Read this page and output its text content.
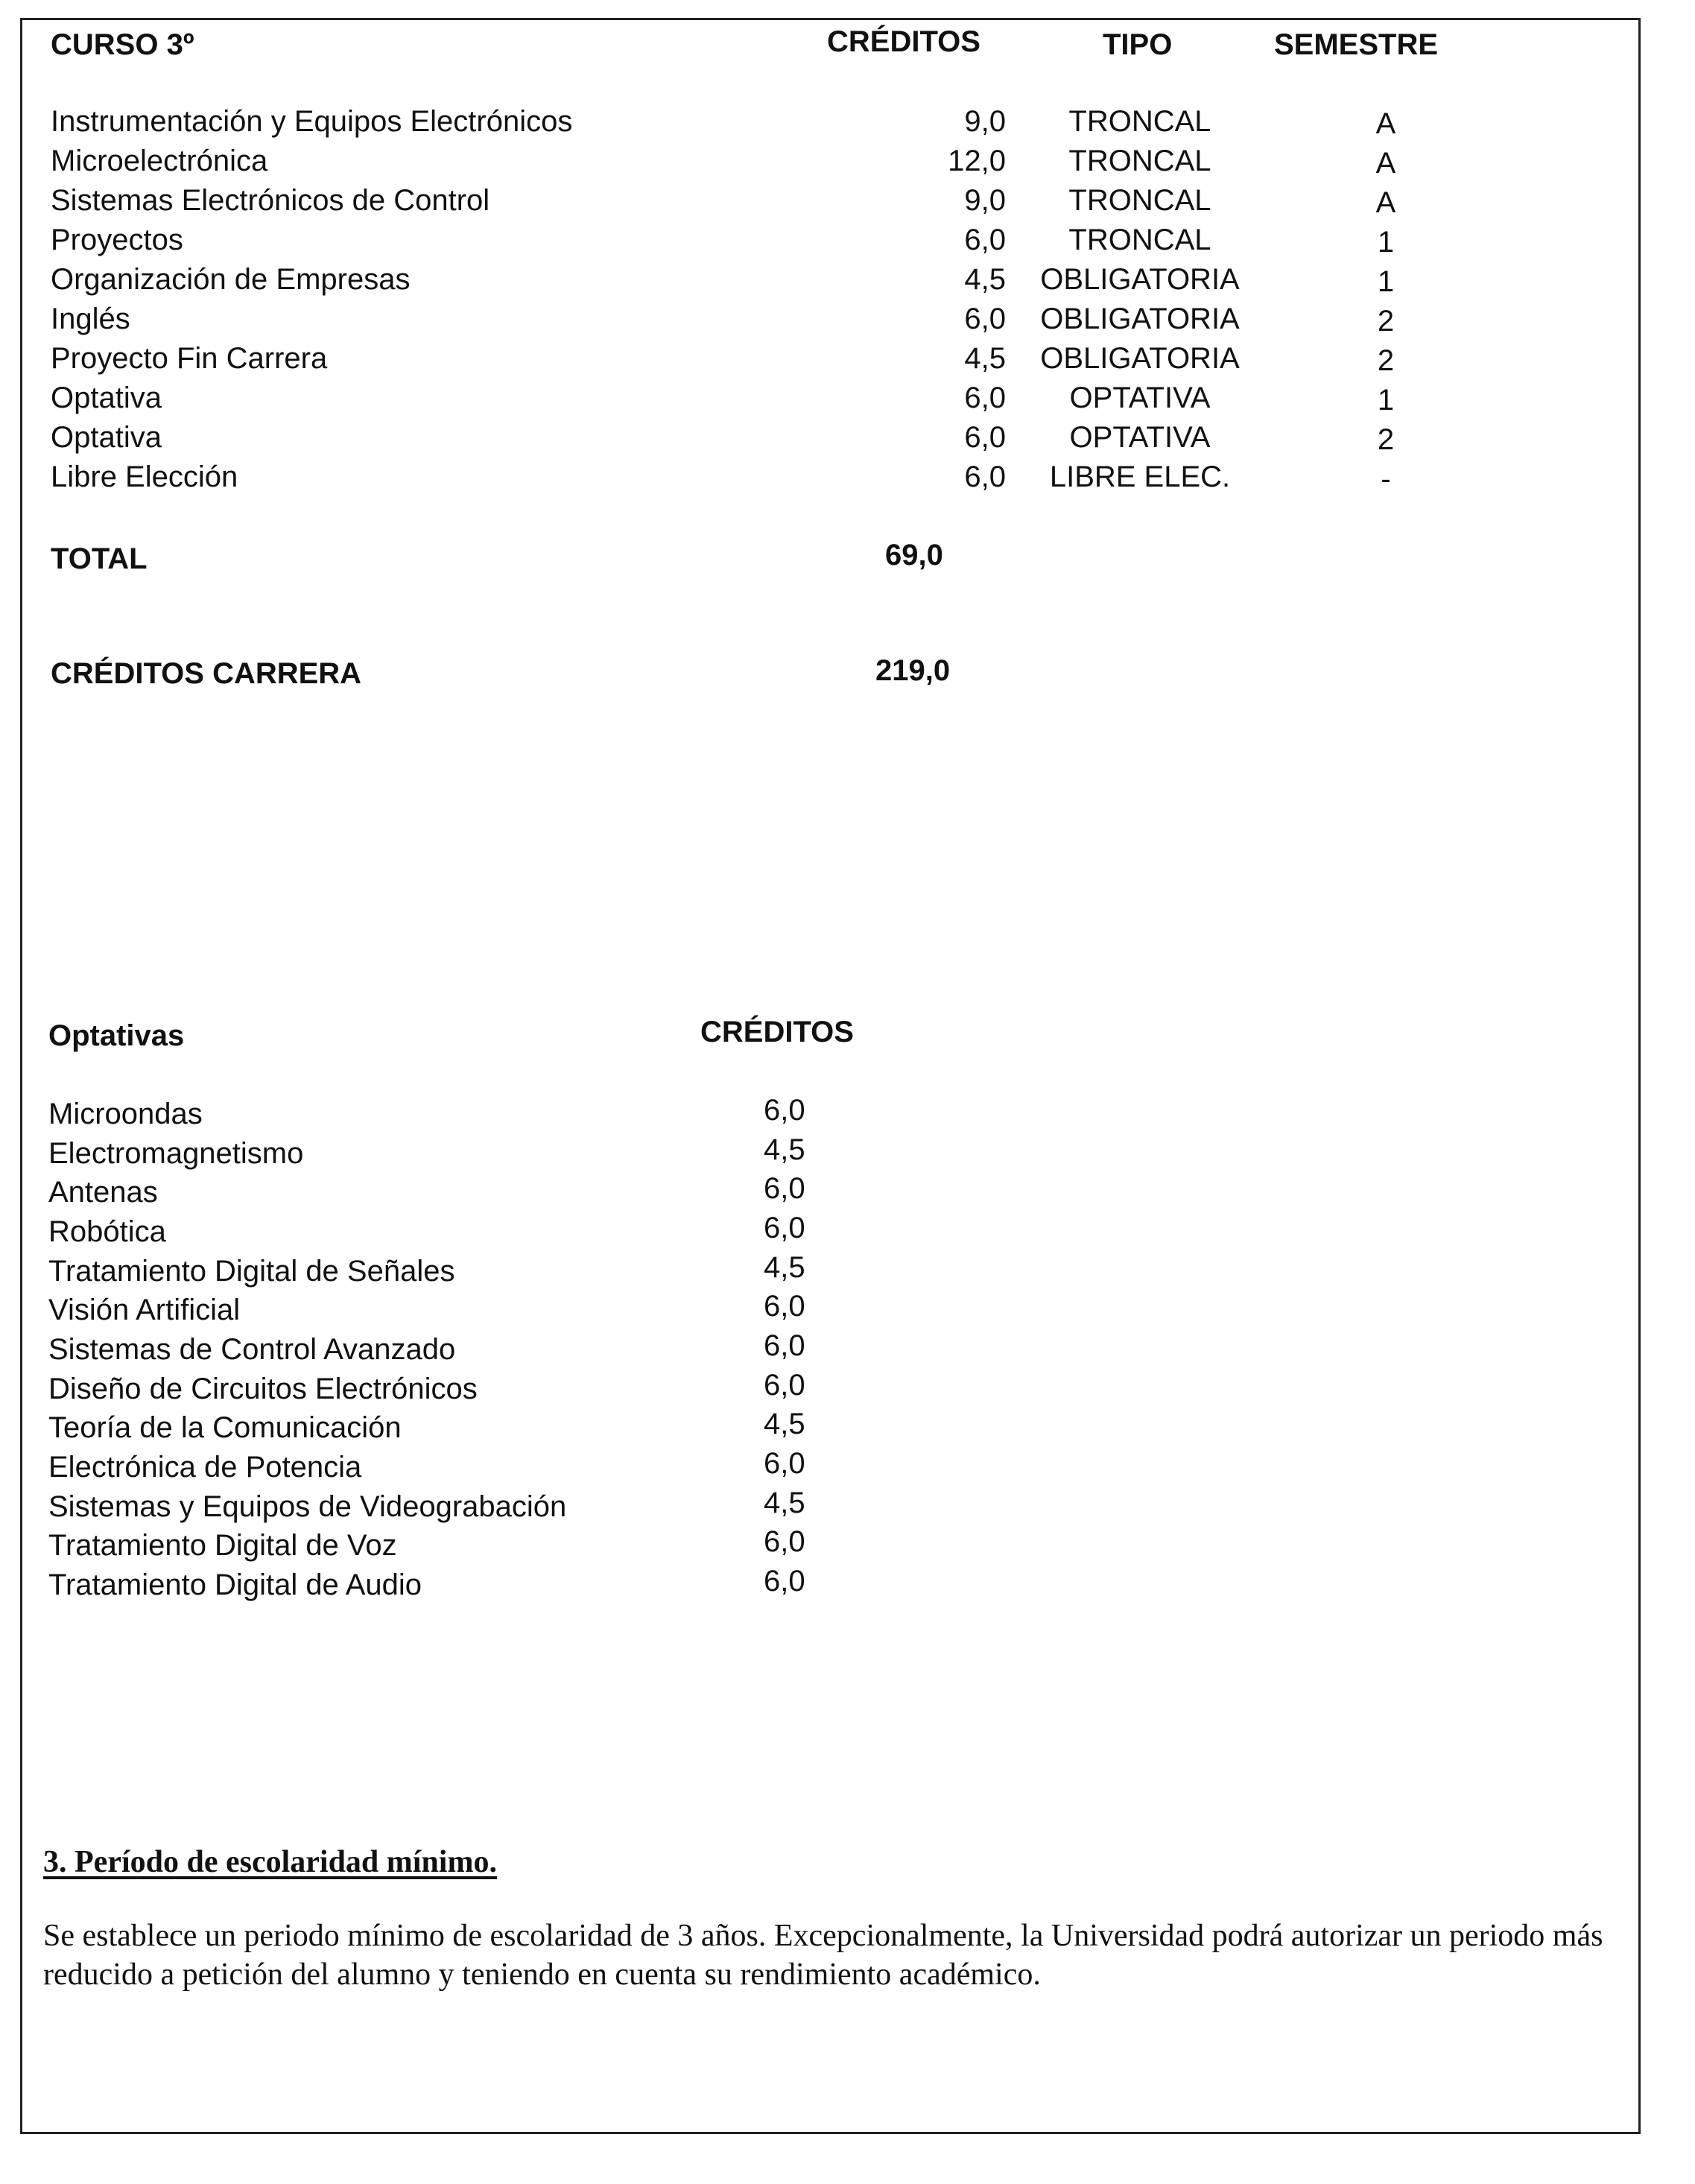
CURSO 3º	CRÉDITOS	TIPO	SEMESTRE
Instrumentación y Equipos Electrónicos	9,0	TRONCAL	A
Microelectrónica	12,0	TRONCAL	A
Sistemas Electrónicos de Control	9,0	TRONCAL	A
Proyectos	6,0	TRONCAL	1
Organización de Empresas	4,5	OBLIGATORIA	1
Inglés	6,0	OBLIGATORIA	2
Proyecto Fin Carrera	4,5	OBLIGATORIA	2
Optativa	6,0	OPTATIVA	1
Optativa	6,0	OPTATIVA	2
Libre Elección	6,0	LIBRE ELEC.	-
TOTAL	69,0
CRÉDITOS CARRERA	219,0
Optativas	CRÉDITOS
Microondas	6,0
Electromagnetismo	4,5
Antenas	6,0
Robótica	6,0
Tratamiento Digital de Señales	4,5
Visión Artificial	6,0
Sistemas de Control Avanzado	6,0
Diseño de Circuitos Electrónicos	6,0
Teoría de la Comunicación	4,5
Electrónica de Potencia	6,0
Sistemas y Equipos de Videograbación	4,5
Tratamiento Digital de Voz	6,0
Tratamiento Digital de Audio	6,0
3. Período de escolaridad mínimo.
Se establece un periodo mínimo de escolaridad de 3 años. Excepcionalmente, la Universidad podrá autorizar un periodo más reducido a petición del alumno y teniendo en cuenta su rendimiento académico.
